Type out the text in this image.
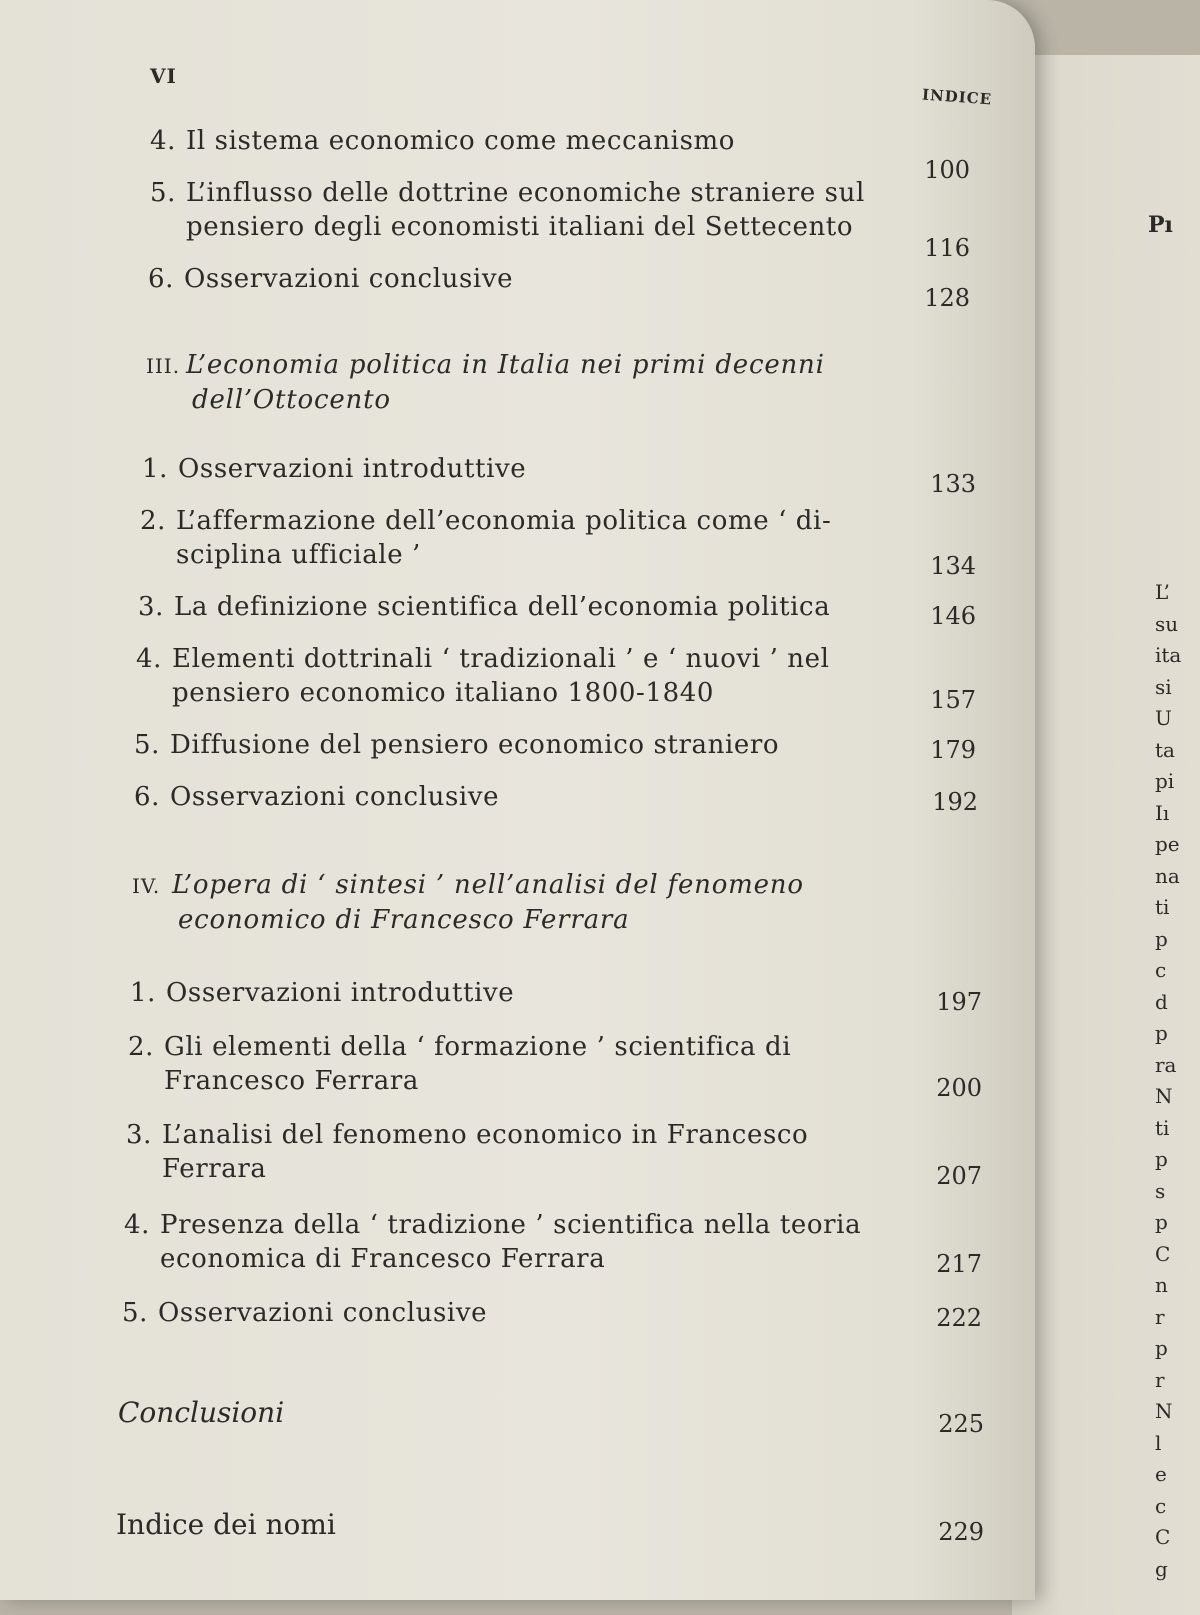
Pı
L’
su
ita
si
U
ta
pi
Iı
pe
na
ti
p
c
d
p
ra
N
ti
p
s
p
C
n
r
p
r
N
l
e
c
C
g
VI
INDICE
4. Il sistema economico come meccanismo
100
5. L’influsso delle dottrine economiche straniere sul
pensiero degli economisti italiani del Settecento
116
6. Osservazioni conclusive
128
III. L’economia politica in Italia nei primi decenni
dell’Ottocento
1. Osservazioni introduttive	133
2. L’affermazione dell’economia politica come ‘ di-
sciplina ufficiale ’	134
3. La definizione scientifica dell’economia politica	146
4. Elementi dottrinali ‘ tradizionali ’ e ‘ nuovi ’ nel
pensiero economico italiano 1800-1840	157
5. Diffusione del pensiero economico straniero	179
6. Osservazioni conclusive	192
IV. L’opera di ‘ sintesi ’ nell’analisi del fenomeno
economico di Francesco Ferrara
1. Osservazioni introduttive	197
2. Gli elementi della ‘ formazione ’ scientifica di
Francesco Ferrara	200
3. L’analisi del fenomeno economico in Francesco
Ferrara	207
4. Presenza della ‘ tradizione ’ scientifica nella teoria
economica di Francesco Ferrara	217
5. Osservazioni conclusive	222
Conclusioni	225
Indice dei nomi	229
